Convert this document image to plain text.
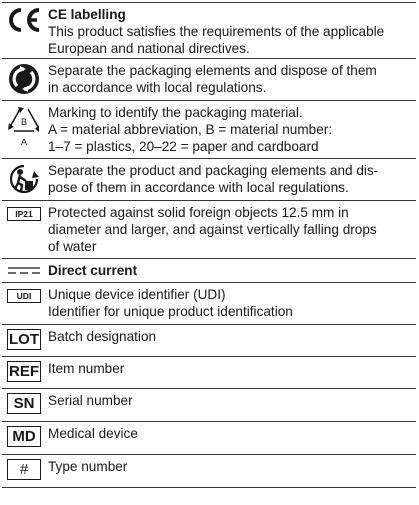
CE labelling
This product satisfies the requirements of the applicable
European and national directives.
Separate the packaging elements and dispose of them
in accordance with local regulations.
B
A
Marking to identify the packaging material.
A = material abbreviation, B = material number:
1–7 = plastics, 20–22 = paper and cardboard
Separate the product and packaging elements and dis-
pose of them in accordance with local regulations.
IP21	Protected against solid foreign objects 12.5 mm in
diameter and larger, and against vertically falling drops
of water
Direct current
UDI	Unique device identifier (UDI)
Identifier for unique product identification
LOT Batch designation
REF Item number
SN Serial number
MD Medical device
#	Type number
